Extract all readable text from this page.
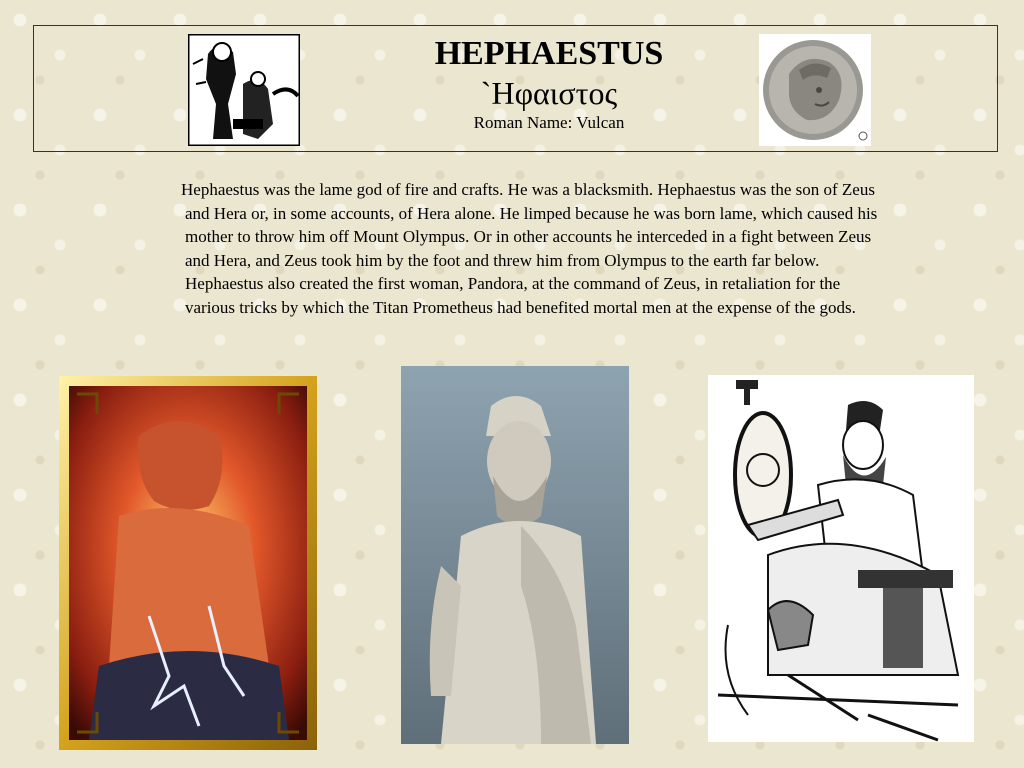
HEPHAESTUS
`Ηφαιστος
Roman Name: Vulcan
Hephaestus was the lame god of fire and crafts. He was a blacksmith. Hephaestus was the son of Zeus and Hera or, in some accounts, of Hera alone. He limped because he was born lame, which caused his mother to throw him off Mount Olympus. Or in other accounts he interceded in a fight between Zeus and Hera, and Zeus took him by the foot and threw him from Olympus to the earth far below. Hephaestus also created the first woman, Pandora, at the command of Zeus, in retaliation for the various tricks by which the Titan Prometheus had benefited mortal men at the expense of the gods.
